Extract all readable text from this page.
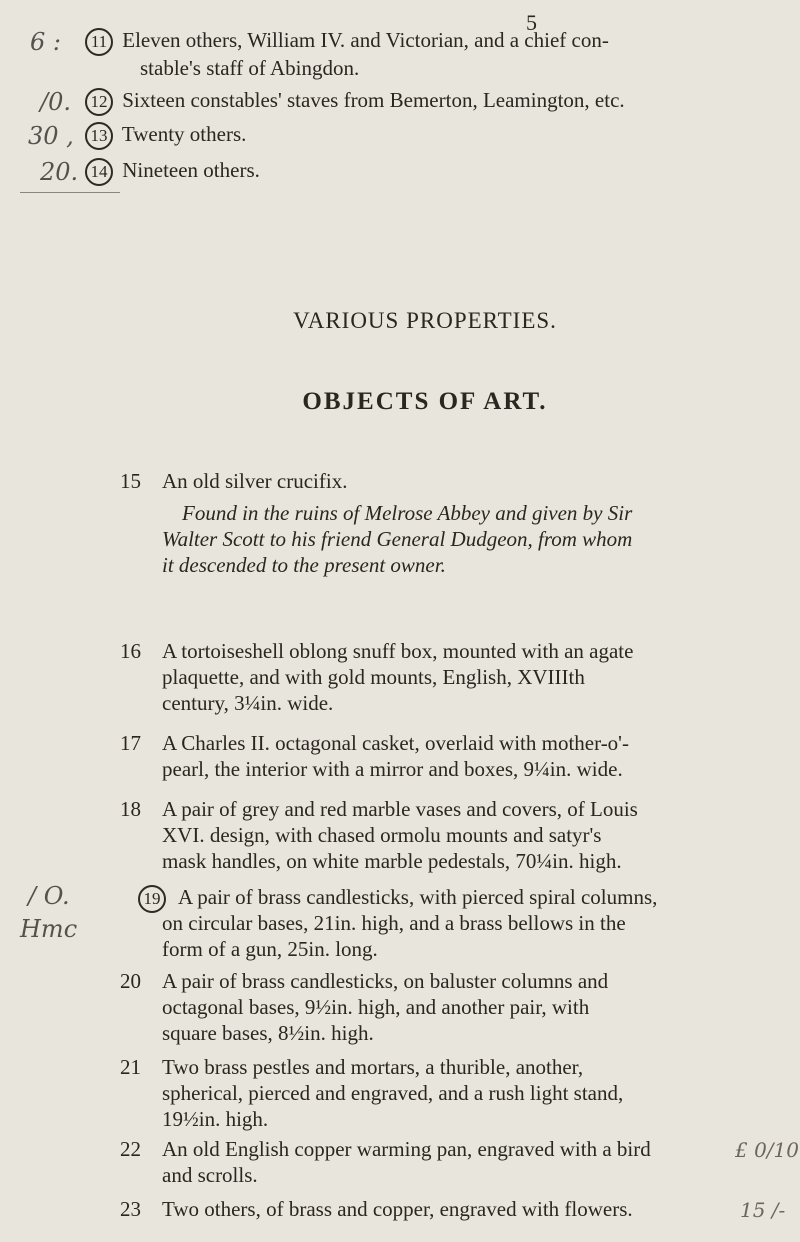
5
6 :	11 Eleven others, William IV. and Victorian, and a chief con-
stable's staff of Abingdon.
/0.	12 Sixteen constables' staves from Bemerton, Leamington, etc.
30 , 13 Twenty others.
20. 14 Nineteen others.
VARIOUS PROPERTIES.
OBJECTS OF ART.
15	An old silver crucifix.
Found in the ruins of Melrose Abbey and given by Sir
Walter Scott to his friend General Dudgeon, from whom
it descended to the present owner.
16	A tortoiseshell oblong snuff box, mounted with an agate
plaquette, and with gold mounts, English, XVIIIth
century, 3¼in. wide.
17	A Charles II. octagonal casket, overlaid with mother-o'-
pearl, the interior with a mirror and boxes, 9¼in. wide.
18	A pair of grey and red marble vases and covers, of Louis
XVI. design, with chased ormolu mounts and satyr's
mask handles, on white marble pedestals, 70¼in. high.
/ O.
Hmc
19 A pair of brass candlesticks, with pierced spiral columns,
on circular bases, 21in. high, and a brass bellows in the
form of a gun, 25in. long.
20	A pair of brass candlesticks, on baluster columns and
octagonal bases, 9½in. high, and another pair, with
square bases, 8½in. high.
21	Two brass pestles and mortars, a thurible, another,
spherical, pierced and engraved, and a rush light stand,
19½in. high.
22	An old English copper warming pan, engraved with a bird
and scrolls.
£ 0/10
23	Two others, of brass and copper, engraved with flowers.	15 /-
